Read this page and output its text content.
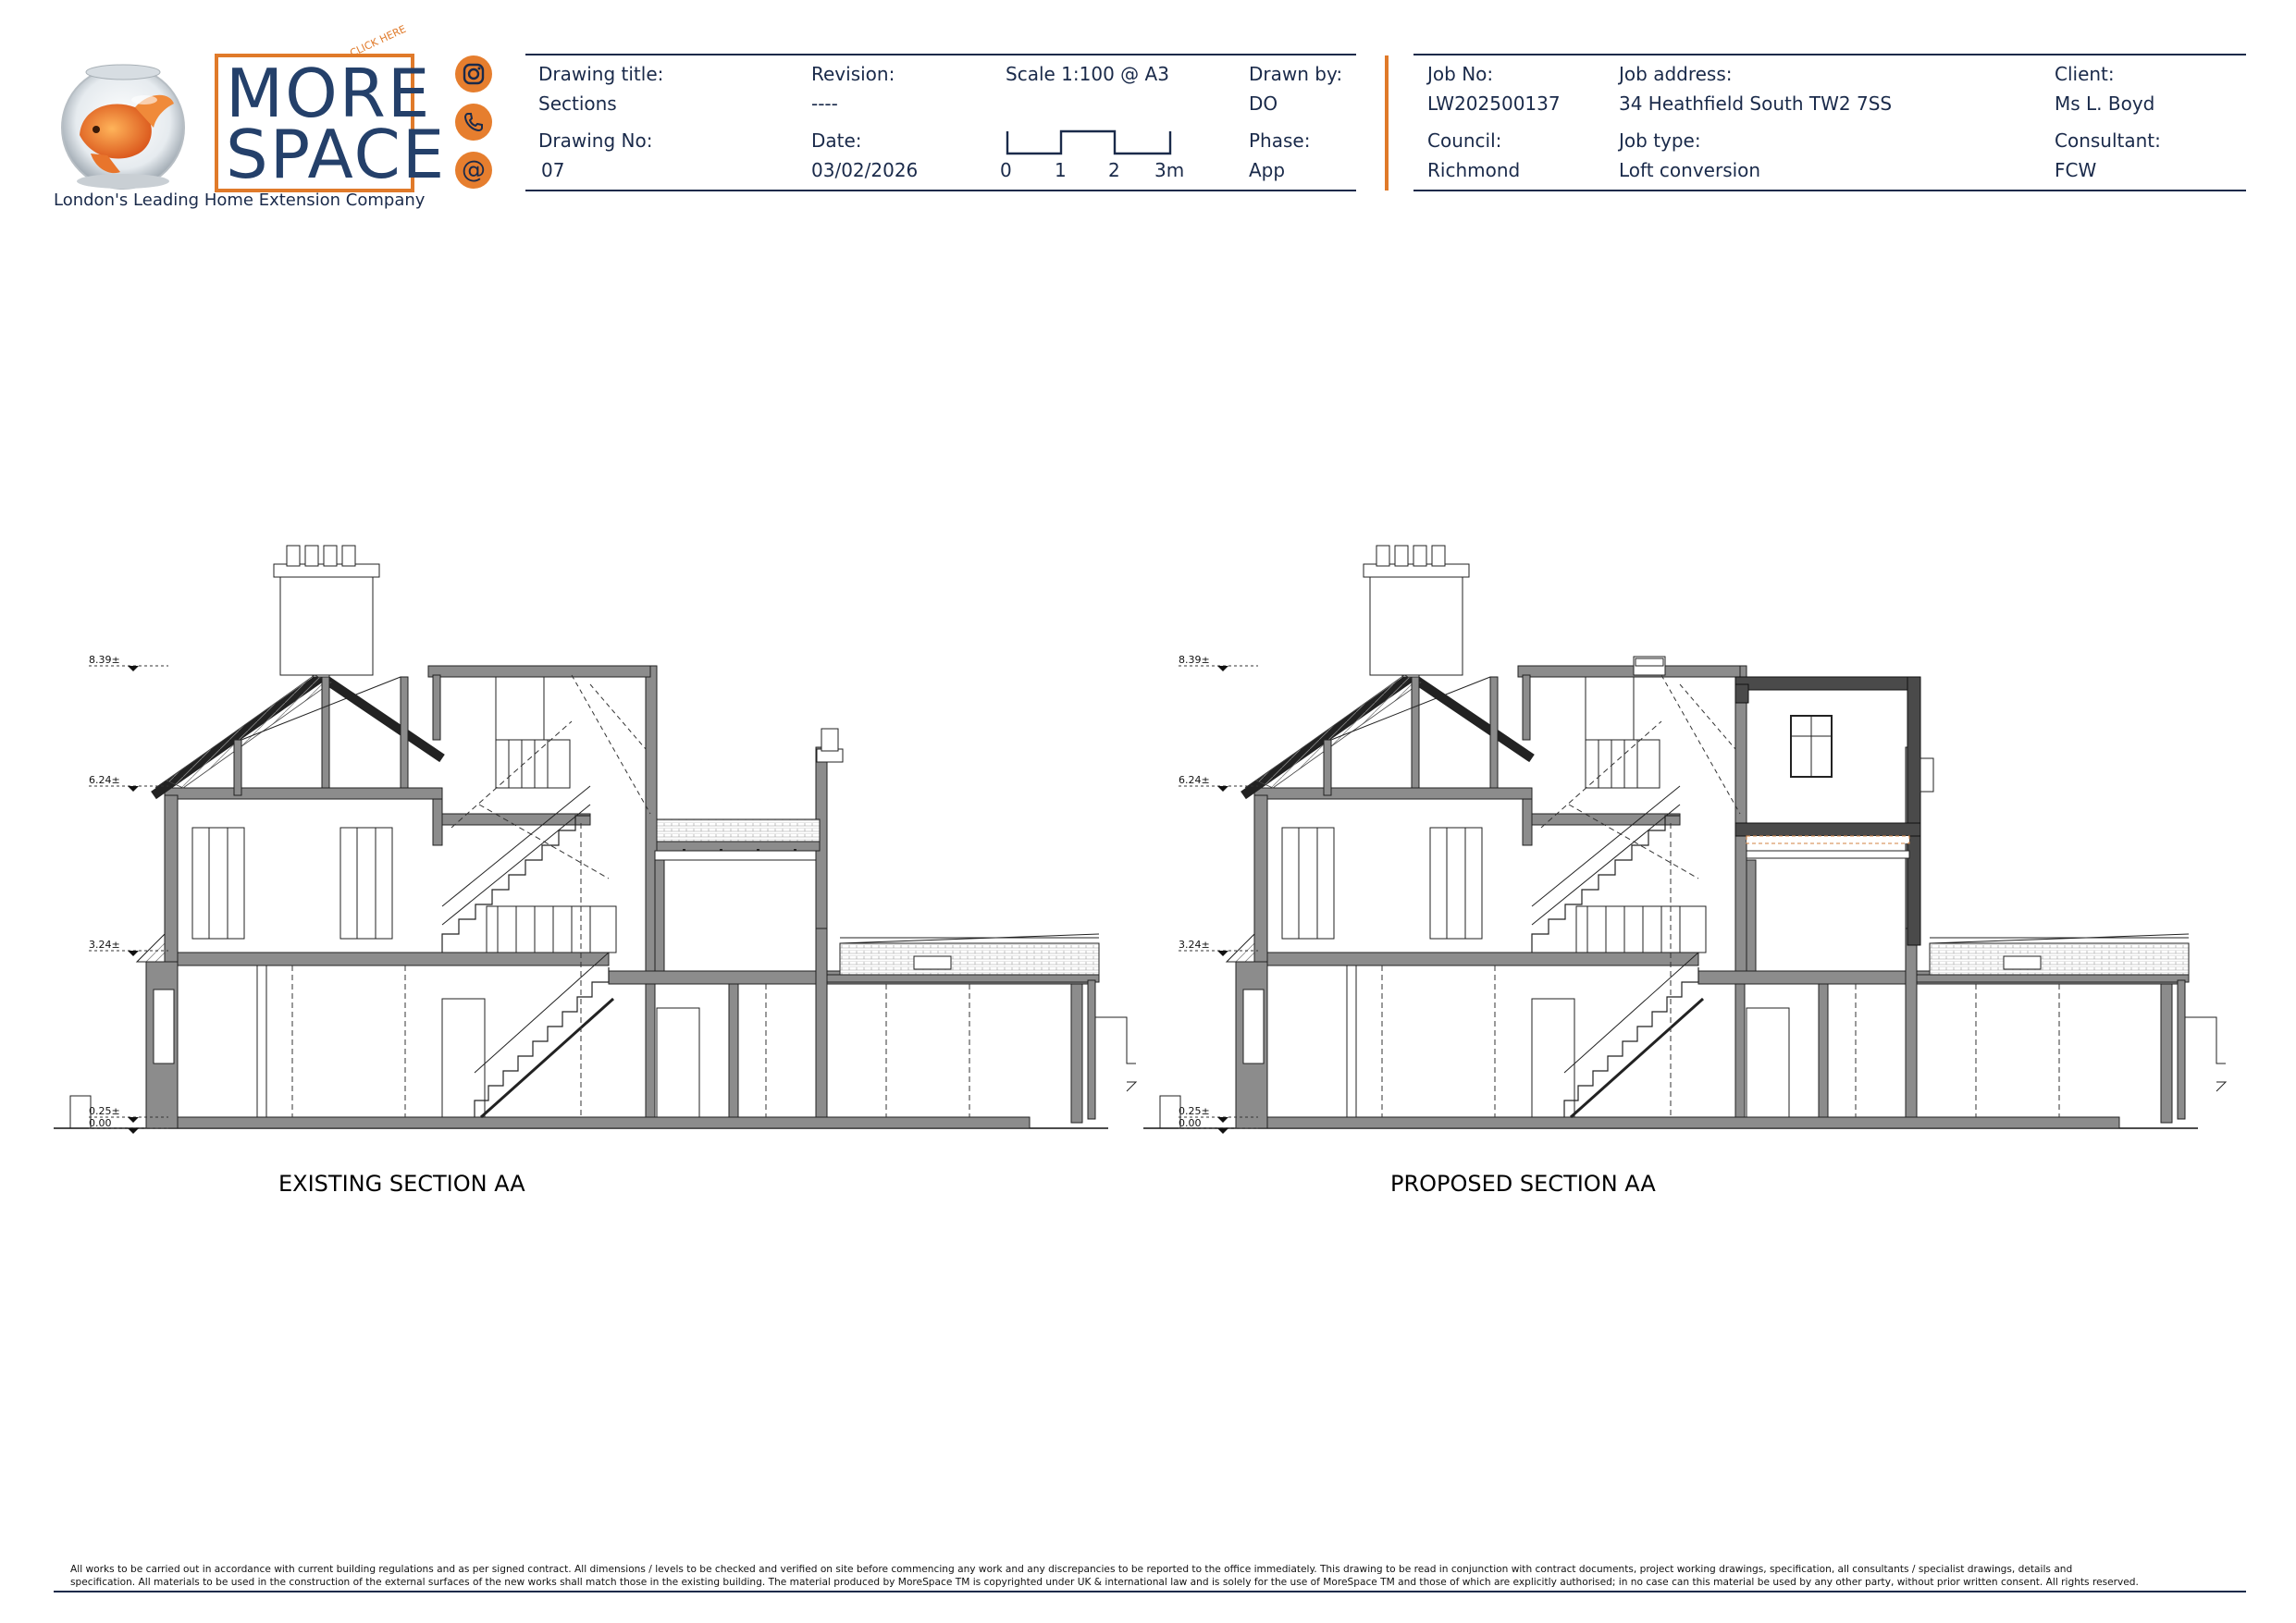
CLICK HERE
MORE
SPACE
London's Leading Home Extension Company
@
Drawing title:
Sections
Revision:
----
Scale 1:100 @ A3	Drawn by:
DO
Drawing No:
07
Date:
03/02/2026	0 1 2 3m
Phase:
App
Job No:
LW202500137
Job address:
34 Heathfield South TW2 7SS
Client:
Ms L. Boyd
Council:
Richmond
Job type:
Loft conversion
Consultant:
FCW
8.39±
6.24±
3.24±
0.25±
0.00
8.39±
6.24±
3.24±
0.25±
0.00
EXISTING SECTION AA	PROPOSED SECTION AA
All works to be carried out in accordance with current building regulations and as per signed contract. All dimensions / levels to be checked and verified on site before commencing any work and any discrepancies to be reported to the office immediately. This drawing to be read in conjunction with contract documents, project working drawings, specification, all consultants / specialist drawings, details and
specification. All materials to be used in the construction of the external surfaces of the new works shall match those in the existing building. The material produced by MoreSpace TM is copyrighted under UK & international law and is solely for the use of MoreSpace TM and those of which are explicitly authorised; in no case can this material be used by any other party, without prior written consent. All rights reserved.
